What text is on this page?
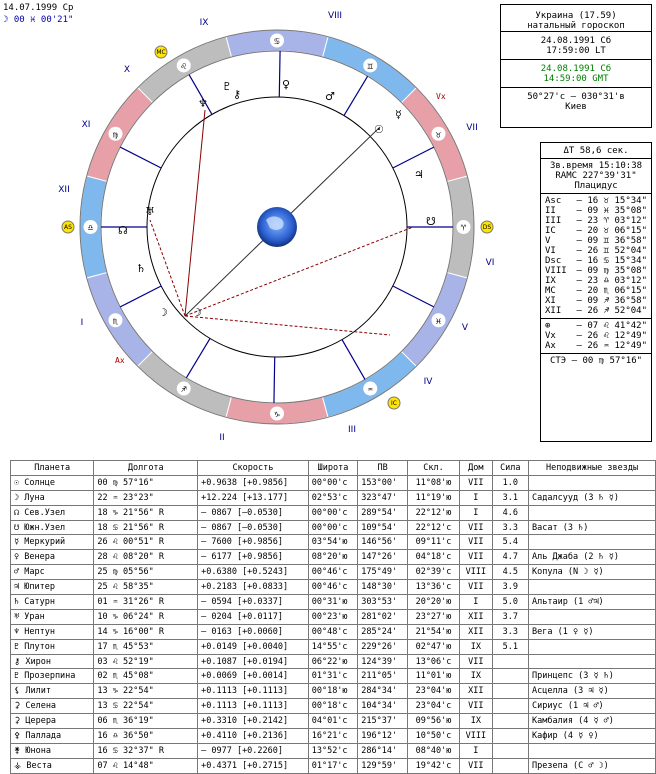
14.07.1999 Ср
☽ 00 ♓ 00'21"
♈
♉
♊
♋
♌
♍
♎
♏
♐
♑
♒
♓
AS	DS
MC
IC
I
II
III
IV
V
VI
VII
VIII
IX
X
XI
XII
Vx
Ax
☽
☽
☉
☿
♀
♂
♃
♄
♅
♆
♇
☊
☋
⚷
Украина (17.59)
натальный гороскоп
24.08.1991 Сб
17:59:00 LT
24.08.1991 Сб
14:59:00 GMT
50°27'c – 030°31'в
Киев
ΔT 58,6 сек.
Зв.время 15:10:38
RAMC 227°39'31"
Плацидус
Asc – 16 ♉ 15°34"
II – 09 ♓ 35°08"
III – 23 ♈ 03°12"
IC – 20 ♉ 06°15"
V	– 09 ♊ 36°58"
VI – 26 ♊ 52°04"
Dsc – 16 ♋ 15°34"
VIII – 09 ♍ 35°08"
IX – 23 ♎ 03°12"
MC – 20 ♏ 06°15"
XI – 09 ♐ 36°58"
XII – 26 ♐ 52°04"
⊕	– 07 ♌ 41°42"
Vx – 26 ♌ 12°49"
Ax – 26 ♒ 12°49"
СТЭ – 00 ♍ 57°16"
Планета	Долгота	Скорость	Широта	ПВ	Скл.	Дом	Сила	Неподвижные звезды
☉ Солнце	00 ♍ 57°16"	+0.9638 [+0.9856]	00°00'c	153°00'	11°08'ю	VII	1.0	
☽ Луна	22 ♒ 23°23"	+12.224 [+13.177]	02°53'c	323°47'	11°19'ю	I	3.1	Садалсууд (3 ♄ ☿)
☊ Сев.Узел	18 ♑ 21°56" R	– 0867 [–0.0530]	00°00'c	289°54'	22°12'ю	I	4.6	
☋ Южн.Узел	18 ♋ 21°56" R	– 0867 [–0.0530]	00°00'c	109°54'	22°12'c	VII	3.3	Васат (3 ♄)
☿ Меркурий	26 ♌ 00°51" R	– 7600 [+0.9856]	03°54'ю	146°56'	09°11'c	VII	5.4	
♀ Венера	28 ♌ 08°20" R	– 6177 [+0.9856]	08°20'ю	147°26'	04°18'c	VII	4.7	Аль Джаба (2 ♄ ☿)
♂ Марс	25 ♍ 05°56"	+0.6380 [+0.5243]	00°46'c	175°49'	02°39'c	VIII	4.5	Копула (N ☽ ☿)
♃ Юпитер	25 ♌ 58°35"	+0.2183 [+0.0833]	00°46'c	148°30'	13°36'c	VII	3.9	
♄ Сатурн	01 ♒ 31°26" R	– 0594 [+0.0337]	00°31'ю	303°53'	20°20'ю	I	5.0	Альтаир (1 ♂♃)
♅ Уран	10 ♑ 06°24" R	– 0204 [+0.0117]	00°23'ю	281°02'	23°27'ю	XII	3.7	
♆ Нептун	14 ♑ 16°00" R	– 0163 [+0.0060]	00°48'c	285°24'	21°54'ю	XII	3.3	Вега (1 ♀ ☿)
♇ Плутон	17 ♏ 45°53"	+0.0149 [+0.0040]	14°55'c	229°26'	02°47'ю	IX	5.1	
⚷ Хирон	03 ♌ 52°19"	+0.1087 [+0.0194]	06°22'ю	124°39'	13°06'c	VII		
♇ Прозерпина	02 ♏ 45°08"	+0.0069 [+0.0014]	01°31'c	211°05'	11°01'ю	IX		Принцепс (3 ☿ ♄)
⚸ Лилит	13 ♑ 22°54"	+0.1113 [+0.1113]	00°18'ю	284°34'	23°04'ю	XII		Асцелла (3 ♃ ☿)
⚳ Селена	13 ♋ 22°54"	+0.1113 [+0.1113]	00°18'c	104°34'	23°04'c	VII		Сириус (1 ♃ ♂)
⚳ Церера	06 ♏ 36°19"	+0.3310 [+0.2142]	04°01'c	215°37'	09°56'ю	IX		Камбалия (4 ☿ ♂)
⚴ Паллада	16 ♎ 36°50"	+0.4110 [+0.2136]	16°21'c	196°12'	10°50'c	VIII		Кафир (4 ☿ ♀)
⚵ Юнона	16 ♋ 32°37" R	– 0977 [+0.2260]	13°52'c	286°14'	08°40'ю	I		
⚶ Веста	07 ♌ 14°48"	+0.4371 [+0.2715]	01°17'c	129°59'	19°42'c	VII		Презепа (С ♂ ☽)
